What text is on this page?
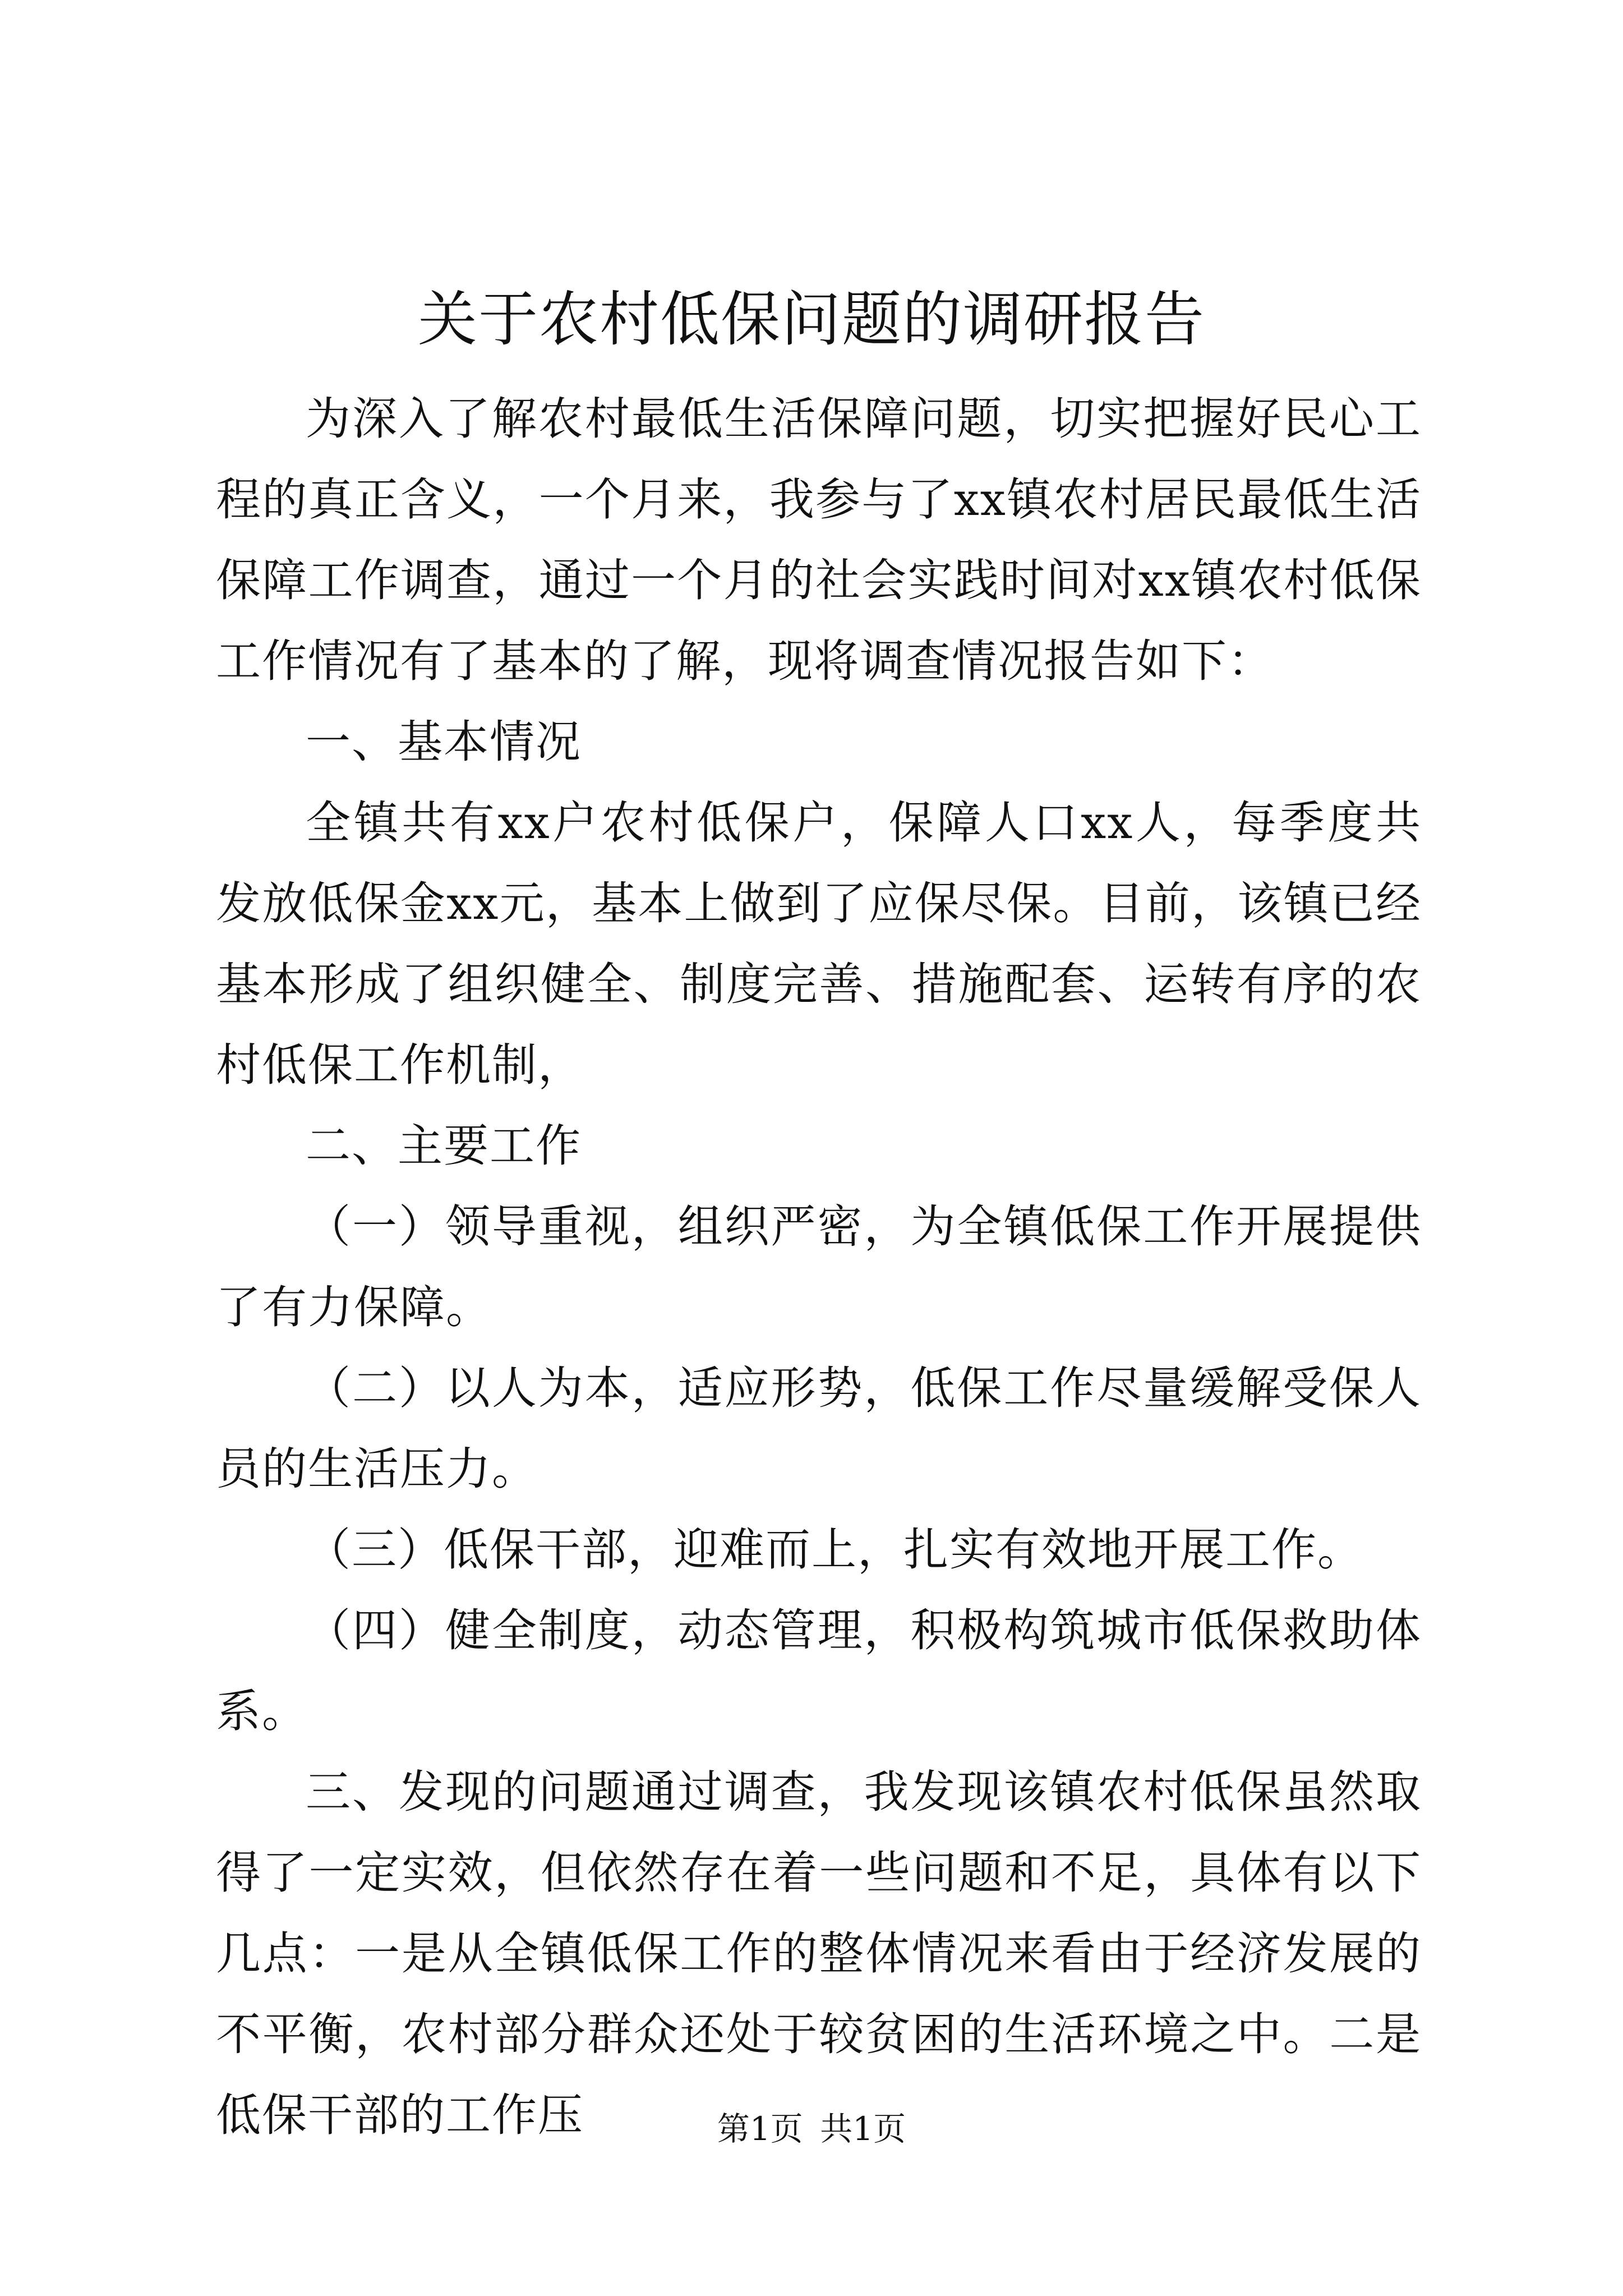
关于农村低保问题的调研报告

为深入了解农村最低生活保障问题，切实把握好民心工程的真正含义，一个月来，我参与了xx镇农村居民最低生活保障工作调查，通过一个月的社会实践时间对xx镇农村低保工作情况有了基本的了解，现将调查情况报告如下：

一、基本情况

全镇共有xx户农村低保户，保障人口xx人，每季度共发放低保金xx元，基本上做到了应保尽保。目前，该镇已经基本形成了组织健全、制度完善、措施配套、运转有序的农村低保工作机制，

二、主要工作

（一）领导重视，组织严密，为全镇低保工作开展提供了有力保障。

（二）以人为本，适应形势，低保工作尽量缓解受保人员的生活压力。

（三）低保干部，迎难而上，扎实有效地开展工作。

（四）健全制度，动态管理，积极构筑城市低保救助体系。

三、发现的问题通过调查，我发现该镇农村低保虽然取得了一定实效，但依然存在着一些问题和不足，具体有以下几点：一是从全镇低保工作的整体情况来看由于经济发展的不平衡，农村部分群众还处于较贫困的生活环境之中。二是低保干部的工作压	第1页 共1页
